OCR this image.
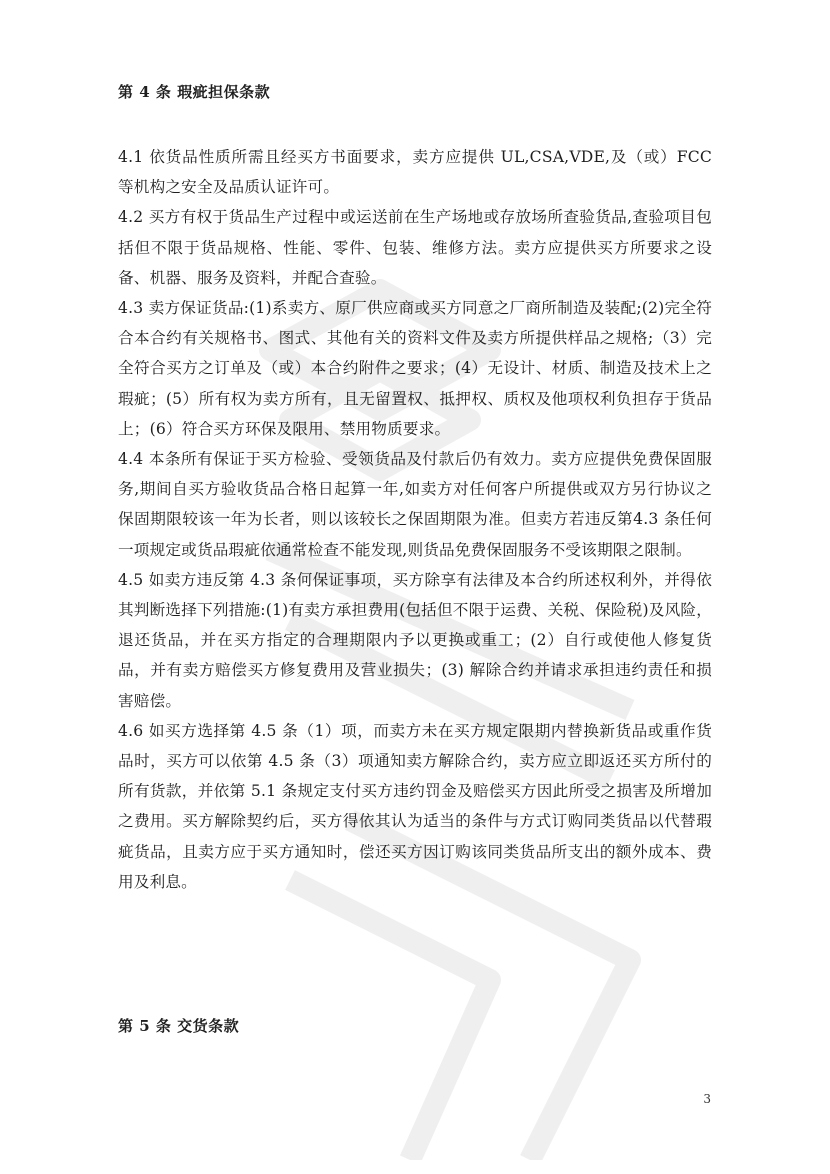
第 4 条 瑕疵担保条款

4.1 依货品性质所需且经买方书面要求，卖方应提供 UL,CSA,VDE,及（或）FCC 等机构之安全及品质认证许可。

4.2 买方有权于货品生产过程中或运送前在生产场地或存放场所查验货品,查验项目包括但不限于货品规格、性能、零件、包装、维修方法。卖方应提供买方所要求之设备、机器、服务及资料，并配合查验。

4.3 卖方保证货品:(1)系卖方、原厂供应商或买方同意之厂商所制造及装配;(2)完全符合本合约有关规格书、图式、其他有关的资料文件及卖方所提供样品之规格;（3）完全符合买方之订单及（或）本合约附件之要求；(4）无设计、材质、制造及技术上之瑕疵；(5）所有权为卖方所有，且无留置权、抵押权、质权及他项权利负担存于货品上；(6）符合买方环保及限用、禁用物质要求。

4.4 本条所有保证于买方检验、受领货品及付款后仍有效力。卖方应提供免费保固服务,期间自买方验收货品合格日起算一年,如卖方对任何客户所提供或双方另行协议之保固期限较该一年为长者，则以该较长之保固期限为准。但卖方若违反第4.3 条任何一项规定或货品瑕疵依通常检查不能发现,则货品免费保固服务不受该期限之限制。

4.5 如卖方违反第 4.3 条何保证事项，买方除享有法律及本合约所述权利外，并得依其判断选择下列措施:(1)有卖方承担费用(包括但不限于运费、关税、保险税)及风险，退还货品，并在买方指定的合理期限内予以更换或重工；(2）自行或使他人修复货品，并有卖方赔偿买方修复费用及营业损失；(3) 解除合约并请求承担违约责任和损害赔偿。

4.6 如买方选择第 4.5 条（1）项，而卖方未在买方规定限期内替换新货品或重作货品时，买方可以依第 4.5 条（3）项通知卖方解除合约，卖方应立即返还买方所付的所有货款，并依第 5.1 条规定支付买方违约罚金及赔偿买方因此所受之损害及所增加之费用。买方解除契约后，买方得依其认为适当的条件与方式订购同类货品以代替瑕疵货品，且卖方应于买方通知时，偿还买方因订购该同类货品所支出的额外成本、费用及利息。

第 5 条 交货条款
3
